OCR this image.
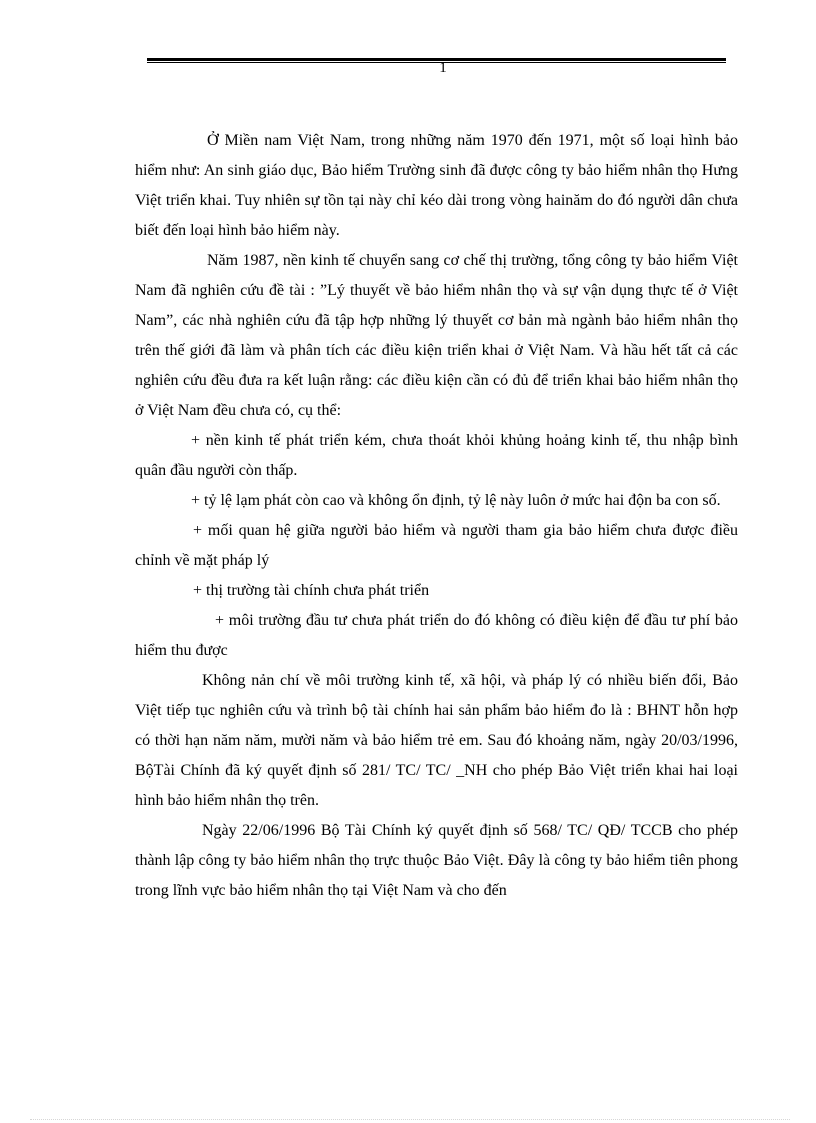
1

Ở Miền nam Việt Nam, trong những năm 1970 đến 1971, một số loại hình bảo hiểm như: An sinh giáo dục, Bảo hiểm Trường sinh đã được công ty bảo hiểm nhân thọ Hưng Việt triển khai. Tuy nhiên sự tồn tại này chỉ kéo dài trong vòng hainăm do đó người dân chưa biết đến loại hình bảo hiểm này.

Năm 1987, nền kinh tế chuyển sang cơ chế thị trường, tổng công ty bảo hiểm Việt Nam đã nghiên cứu đề tài : ”Lý thuyết về bảo hiểm nhân thọ và sự vận dụng thực tế ở Việt Nam”, các nhà nghiên cứu đã tập hợp những lý thuyết cơ bản mà ngành bảo hiểm nhân thọ trên thế giới đã làm và phân tích các điều kiện triển khai ở Việt Nam. Và hầu hết tất cả các nghiên cứu đều đưa ra kết luận rằng: các điều kiện cần có đủ để triển khai bảo hiểm nhân thọ ở Việt Nam đều chưa có, cụ thể:

+ nền kinh tế phát triển kém, chưa thoát khỏi khủng hoảng kinh tế, thu nhập bình quân đầu người còn thấp.

+ tỷ lệ lạm phát còn cao và không ổn định, tỷ lệ này luôn ở mức hai độn ba con số.

+ mối quan hệ giữa người bảo hiểm và người tham gia bảo hiểm chưa được điều chỉnh về mặt pháp lý

+ thị trường tài chính chưa phát triển

+ môi trường đầu tư chưa phát triển do đó không có điều kiện để đầu tư phí bảo hiểm thu được

Không nản chí về môi trường kinh tế, xã hội, và pháp lý có nhiều biến đổi, Bảo Việt tiếp tục nghiên cứu và trình bộ tài chính hai sản phẩm bảo hiểm đo là : BHNT hỗn hợp có thời hạn năm năm, mười năm và bảo hiểm trẻ em. Sau đó khoảng năm, ngày 20/03/1996, BộTài Chính đã ký quyết định số 281/ TC/ TC/ _NH cho phép Bảo Việt triển khai hai loại hình bảo hiểm nhân thọ trên.

Ngày 22/06/1996 Bộ Tài Chính ký quyết định số 568/ TC/ QĐ/ TCCB cho phép thành lập công ty bảo hiểm nhân thọ trực thuộc Bảo Việt. Đây là công ty bảo hiểm tiên phong trong lĩnh vực bảo hiểm nhân thọ tại Việt Nam và cho đến
